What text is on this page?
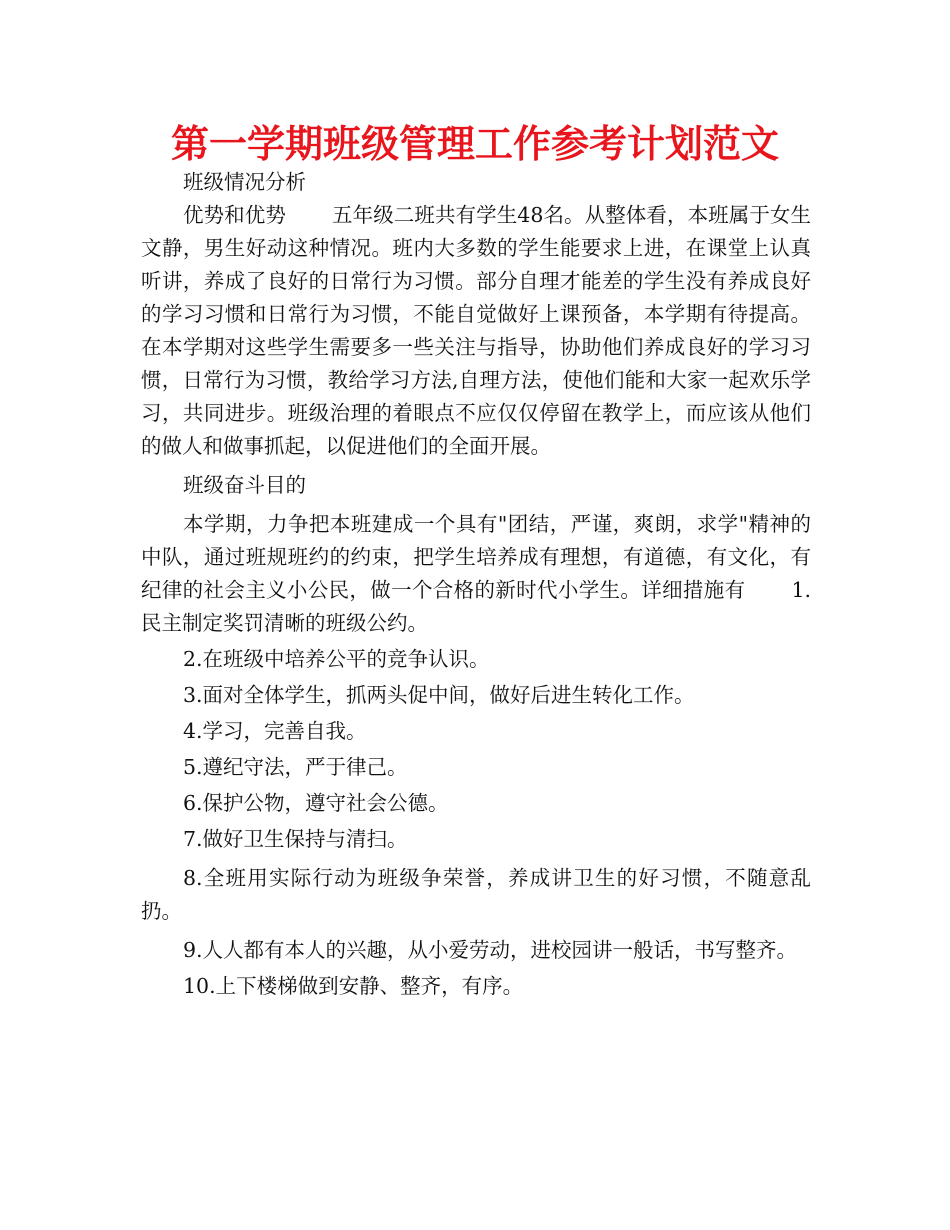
第一学期班级管理工作参考计划范文

班级情况分析

优势和优势 五年级二班共有学生48名。从整体看，本班属于女生文静，男生好动这种情况。班内大多数的学生能要求上进，在课堂上认真听讲，养成了良好的日常行为习惯。部分自理才能差的学生没有养成良好的学习习惯和日常行为习惯，不能自觉做好上课预备，本学期有待提高。在本学期对这些学生需要多一些关注与指导，协助他们养成良好的学习习惯，日常行为习惯，教给学习方法,自理方法，使他们能和大家一起欢乐学习，共同进步。班级治理的着眼点不应仅仅停留在教学上，而应该从他们的做人和做事抓起，以促进他们的全面开展。

班级奋斗目的

本学期，力争把本班建成一个具有"团结，严谨，爽朗，求学"精神的中队，通过班规班约的约束，把学生培养成有理想，有道德，有文化，有纪律的社会主义小公民，做一个合格的新时代小学生。详细措施有 1.民主制定奖罚清晰的班级公约。

2.在班级中培养公平的竞争认识。

3.面对全体学生，抓两头促中间，做好后进生转化工作。

4.学习，完善自我。

5.遵纪守法，严于律己。

6.保护公物，遵守社会公德。

7.做好卫生保持与清扫。

8.全班用实际行动为班级争荣誉，养成讲卫生的好习惯，不随意乱扔。

9.人人都有本人的兴趣，从小爱劳动，进校园讲一般话，书写整齐。

10.上下楼梯做到安静、整齐，有序。
